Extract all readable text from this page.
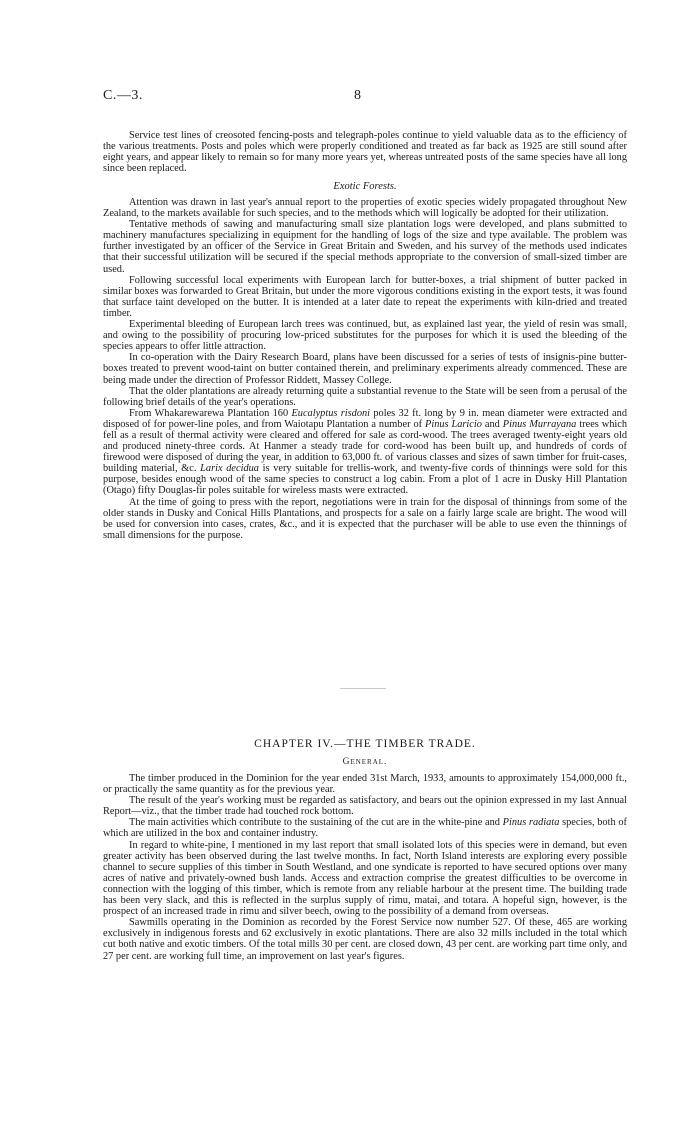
C.—3.	8

Service test lines of creosoted fencing-posts and telegraph-poles continue to yield valuable data as to the efficiency of the various treatments. Posts and poles which were properly conditioned and treated as far back as 1925 are still sound after eight years, and appear likely to remain so for many more years yet, whereas untreated posts of the same species have all long since been replaced.

Exotic Forests.

Attention was drawn in last year's annual report to the properties of exotic species widely propagated throughout New Zealand, to the markets available for such species, and to the methods which will logically be adopted for their utilization.

Tentative methods of sawing and manufacturing small size plantation logs were developed, and plans submitted to machinery manufactures specializing in equipment for the handling of logs of the size and type available. The problem was further investigated by an officer of the Service in Great Britain and Sweden, and his survey of the methods used indicates that their successful utilization will be secured if the special methods appropriate to the conversion of small-sized timber are used.

Following successful local experiments with European larch for butter-boxes, a trial shipment of butter packed in similar boxes was forwarded to Great Britain, but under the more vigorous conditions existing in the export tests, it was found that surface taint developed on the butter. It is intended at a later date to repeat the experiments with kiln-dried and treated timber.

Experimental bleeding of European larch trees was continued, but, as explained last year, the yield of resin was small, and owing to the possibility of procuring low-priced substitutes for the purposes for which it is used the bleeding of the species appears to offer little attraction.

In co-operation with the Dairy Research Board, plans have been discussed for a series of tests of insignis-pine butter-boxes treated to prevent wood-taint on butter contained therein, and preliminary experiments already commenced. These are being made under the direction of Professor Riddett, Massey College.

That the older plantations are already returning quite a substantial revenue to the State will be seen from a perusal of the following brief details of the year's operations.

From Whakarewarewa Plantation 160 Eucalyptus risdoni poles 32 ft. long by 9 in. mean diameter were extracted and disposed of for power-line poles, and from Waiotapu Plantation a number of Pinus Laricio and Pinus Murrayana trees which fell as a result of thermal activity were cleared and offered for sale as cord-wood. The trees averaged twenty-eight years old and produced ninety-three cords. At Hanmer a steady trade for cord-wood has been built up, and hundreds of cords of firewood were disposed of during the year, in addition to 63,000 ft. of various classes and sizes of sawn timber for fruit-cases, building material, &c. Larix decidua is very suitable for trellis-work, and twenty-five cords of thinnings were sold for this purpose, besides enough wood of the same species to construct a log cabin. From a plot of 1 acre in Dusky Hill Plantation (Otago) fifty Douglas-fir poles suitable for wireless masts were extracted.

At the time of going to press with the report, negotiations were in train for the disposal of thinnings from some of the older stands in Dusky and Conical Hills Plantations, and prospects for a sale on a fairly large scale are bright. The wood will be used for conversion into cases, crates, &c., and it is expected that the purchaser will be able to use even the thinnings of small dimensions for the purpose.

CHAPTER IV.—THE TIMBER TRADE.

General.

The timber produced in the Dominion for the year ended 31st March, 1933, amounts to approximately 154,000,000 ft., or practically the same quantity as for the previous year.

The result of the year's working must be regarded as satisfactory, and bears out the opinion expressed in my last Annual Report—viz., that the timber trade had touched rock bottom.

The main activities which contribute to the sustaining of the cut are in the white-pine and Pinus radiata species, both of which are utilized in the box and container industry.

In regard to white-pine, I mentioned in my last report that small isolated lots of this species were in demand, but even greater activity has been observed during the last twelve months. In fact, North Island interests are exploring every possible channel to secure supplies of this timber in South Westland, and one syndicate is reported to have secured options over many acres of native and privately-owned bush lands. Access and extraction comprise the greatest difficulties to be overcome in connection with the logging of this timber, which is remote from any reliable harbour at the present time. The building trade has been very slack, and this is reflected in the surplus supply of rimu, matai, and totara. A hopeful sign, however, is the prospect of an increased trade in rimu and silver beech, owing to the possibility of a demand from overseas.

Sawmills operating in the Dominion as recorded by the Forest Service now number 527. Of these, 465 are working exclusively in indigenous forests and 62 exclusively in exotic plantations. There are also 32 mills included in the total which cut both native and exotic timbers. Of the total mills 30 per cent. are closed down, 43 per cent. are working part time only, and 27 per cent. are working full time, an improvement on last year's figures.
